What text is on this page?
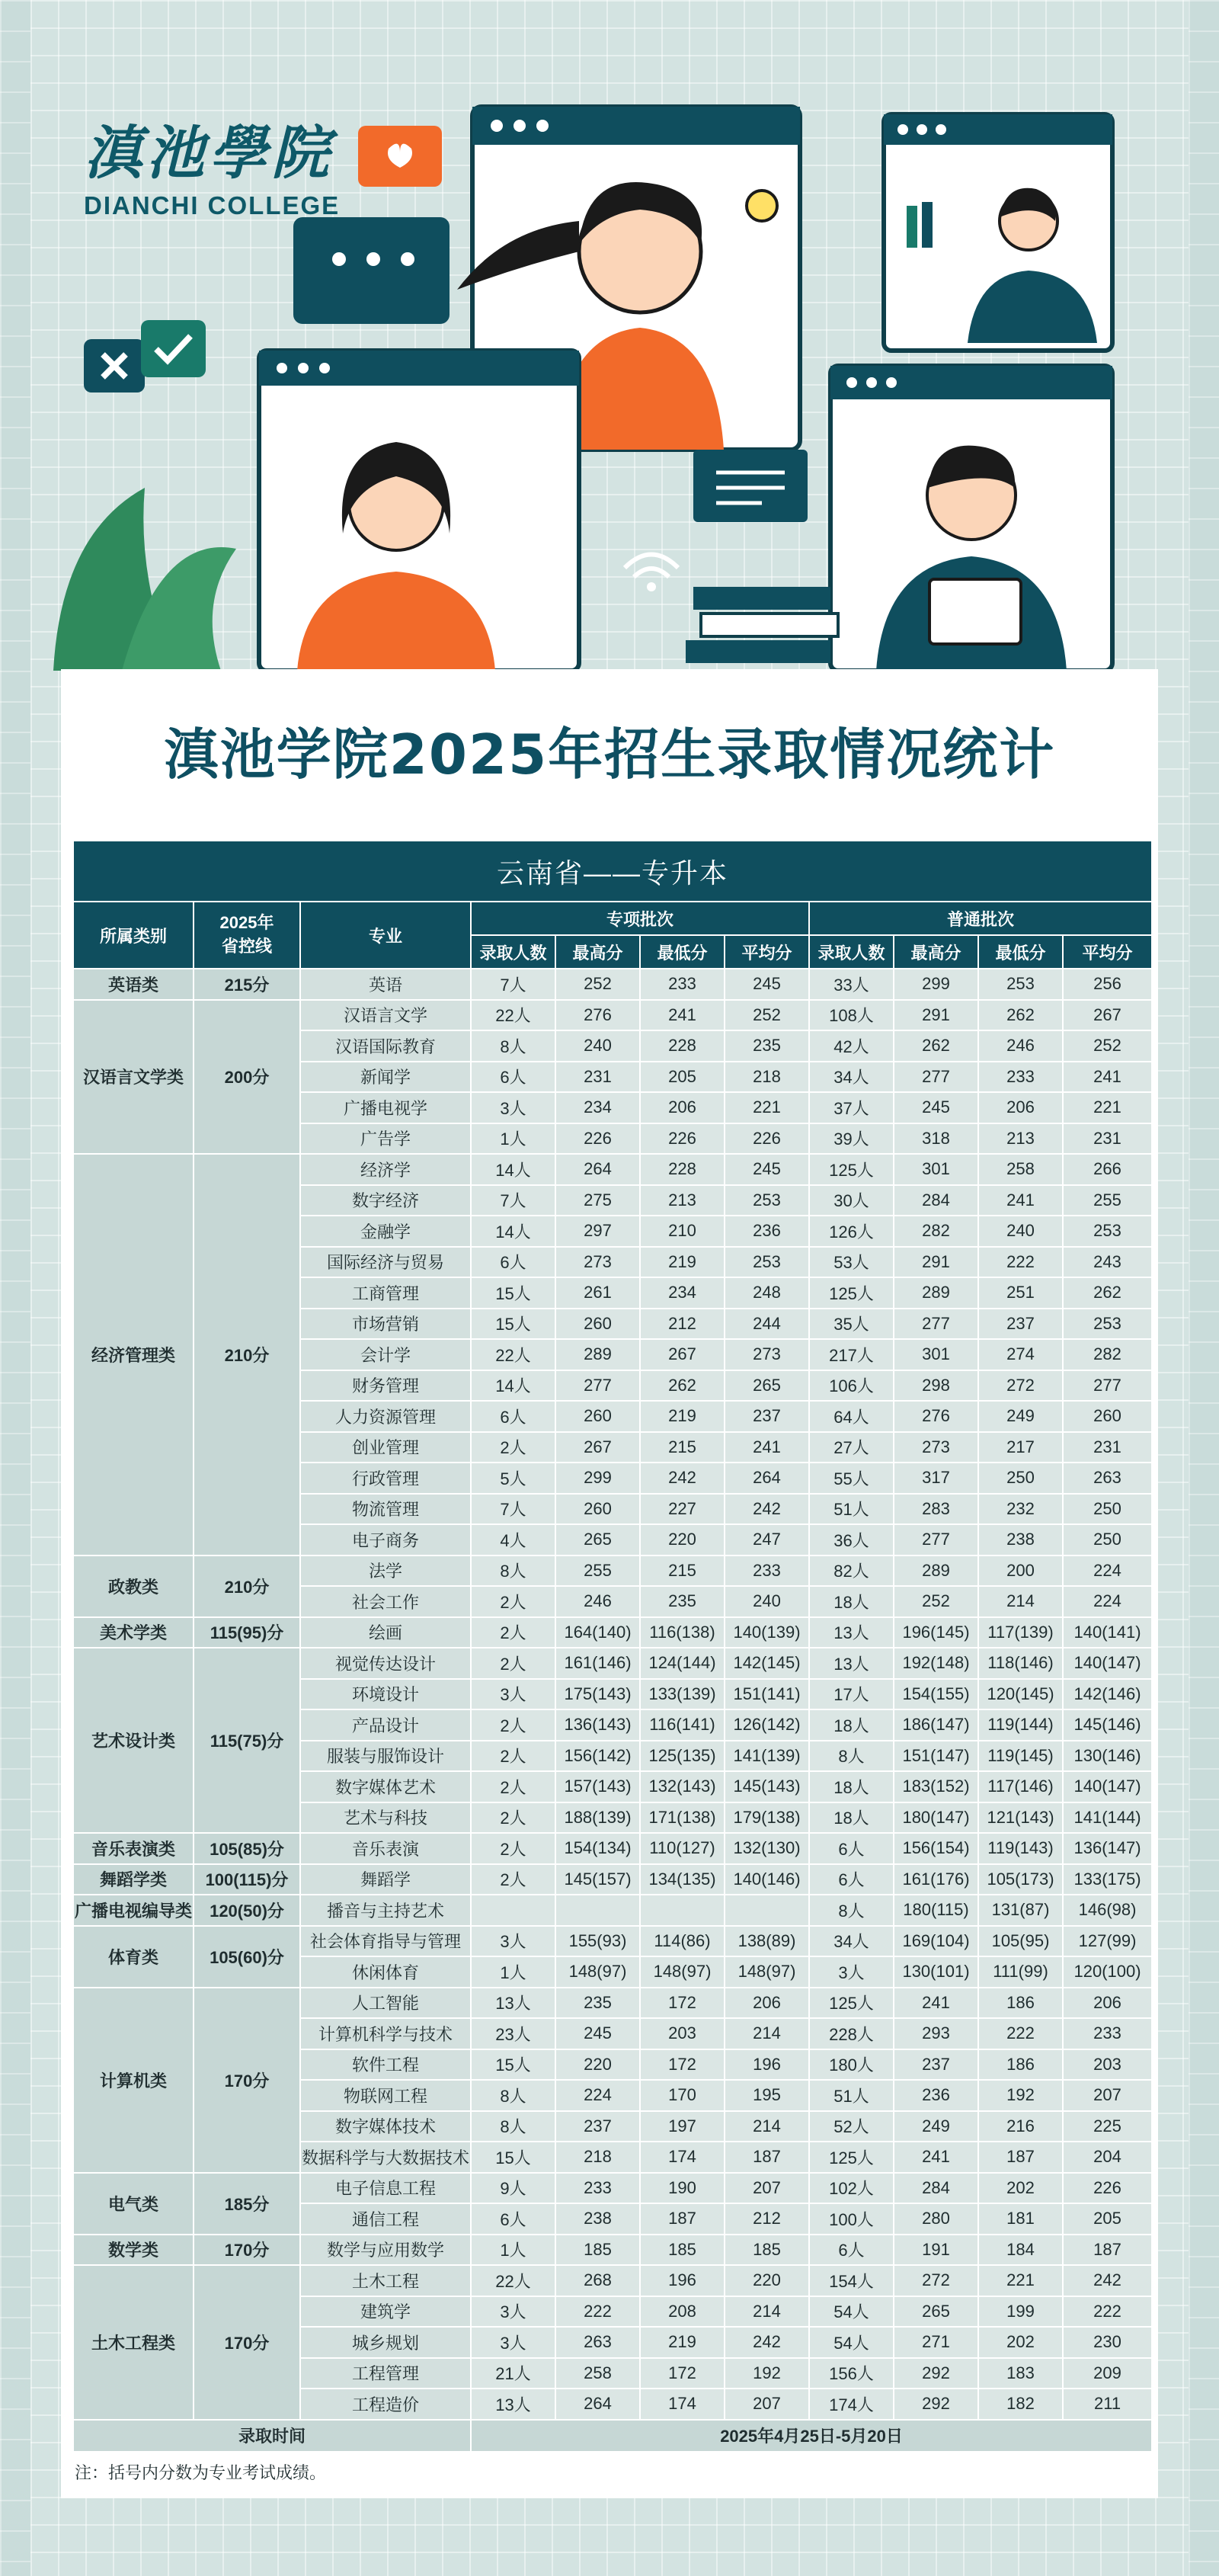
滇池學院
DIANCHI COLLEGE
滇池学院2025年招生录取情况统计
云南省——专升本										
所属类别	2025年
省控线	专业	专项批次				普通批次			
			录取人数	最高分	最低分	平均分	录取人数	最高分	最低分	平均分
英语类	215分	英语	7人	252	233	245	33人	299	253	256
汉语言文学类	200分	汉语言文学	22人	276	241	252	108人	291	262	267
		汉语国际教育	8人	240	228	235	42人	262	246	252
		新闻学	6人	231	205	218	34人	277	233	241
		广播电视学	3人	234	206	221	37人	245	206	221
		广告学	1人	226	226	226	39人	318	213	231
经济管理类	210分	经济学	14人	264	228	245	125人	301	258	266
		数字经济	7人	275	213	253	30人	284	241	255
		金融学	14人	297	210	236	126人	282	240	253
		国际经济与贸易	6人	273	219	253	53人	291	222	243
		工商管理	15人	261	234	248	125人	289	251	262
		市场营销	15人	260	212	244	35人	277	237	253
		会计学	22人	289	267	273	217人	301	274	282
		财务管理	14人	277	262	265	106人	298	272	277
		人力资源管理	6人	260	219	237	64人	276	249	260
		创业管理	2人	267	215	241	27人	273	217	231
		行政管理	5人	299	242	264	55人	317	250	263
		物流管理	7人	260	227	242	51人	283	232	250
		电子商务	4人	265	220	247	36人	277	238	250
政教类	210分	法学	8人	255	215	233	82人	289	200	224
		社会工作	2人	246	235	240	18人	252	214	224
美术学类	115(95)分	绘画	2人	164(140)	116(138)	140(139)	13人	196(145)	117(139)	140(141)
艺术设计类	115(75)分	视觉传达设计	2人	161(146)	124(144)	142(145)	13人	192(148)	118(146)	140(147)
		环境设计	3人	175(143)	133(139)	151(141)	17人	154(155)	120(145)	142(146)
		产品设计	2人	136(143)	116(141)	126(142)	18人	186(147)	119(144)	145(146)
		服装与服饰设计	2人	156(142)	125(135)	141(139)	8人	151(147)	119(145)	130(146)
		数字媒体艺术	2人	157(143)	132(143)	145(143)	18人	183(152)	117(146)	140(147)
		艺术与科技	2人	188(139)	171(138)	179(138)	18人	180(147)	121(143)	141(144)
音乐表演类	105(85)分	音乐表演	2人	154(134)	110(127)	132(130)	6人	156(154)	119(143)	136(147)
舞蹈学类	100(115)分	舞蹈学	2人	145(157)	134(135)	140(146)	6人	161(176)	105(173)	133(175)
广播电视编导类	120(50)分	播音与主持艺术					8人	180(115)	131(87)	146(98)
体育类	105(60)分	社会体育指导与管理	3人	155(93)	114(86)	138(89)	34人	169(104)	105(95)	127(99)
		休闲体育	1人	148(97)	148(97)	148(97)	3人	130(101)	111(99)	120(100)
计算机类	170分	人工智能	13人	235	172	206	125人	241	186	206
		计算机科学与技术	23人	245	203	214	228人	293	222	233
		软件工程	15人	220	172	196	180人	237	186	203
		物联网工程	8人	224	170	195	51人	236	192	207
		数字媒体技术	8人	237	197	214	52人	249	216	225
		数据科学与大数据技术	15人	218	174	187	125人	241	187	204
电气类	185分	电子信息工程	9人	233	190	207	102人	284	202	226
		通信工程	6人	238	187	212	100人	280	181	205
数学类	170分	数学与应用数学	1人	185	185	185	6人	191	184	187
土木工程类	170分	土木工程	22人	268	196	220	154人	272	221	242
		建筑学	3人	222	208	214	54人	265	199	222
		城乡规划	3人	263	219	242	54人	271	202	230
		工程管理	21人	258	172	192	156人	292	183	209
		工程造价	13人	264	174	207	174人	292	182	211
录取时间			2025年4月25日-5月20日							
注：括号内分数为专业考试成绩。
